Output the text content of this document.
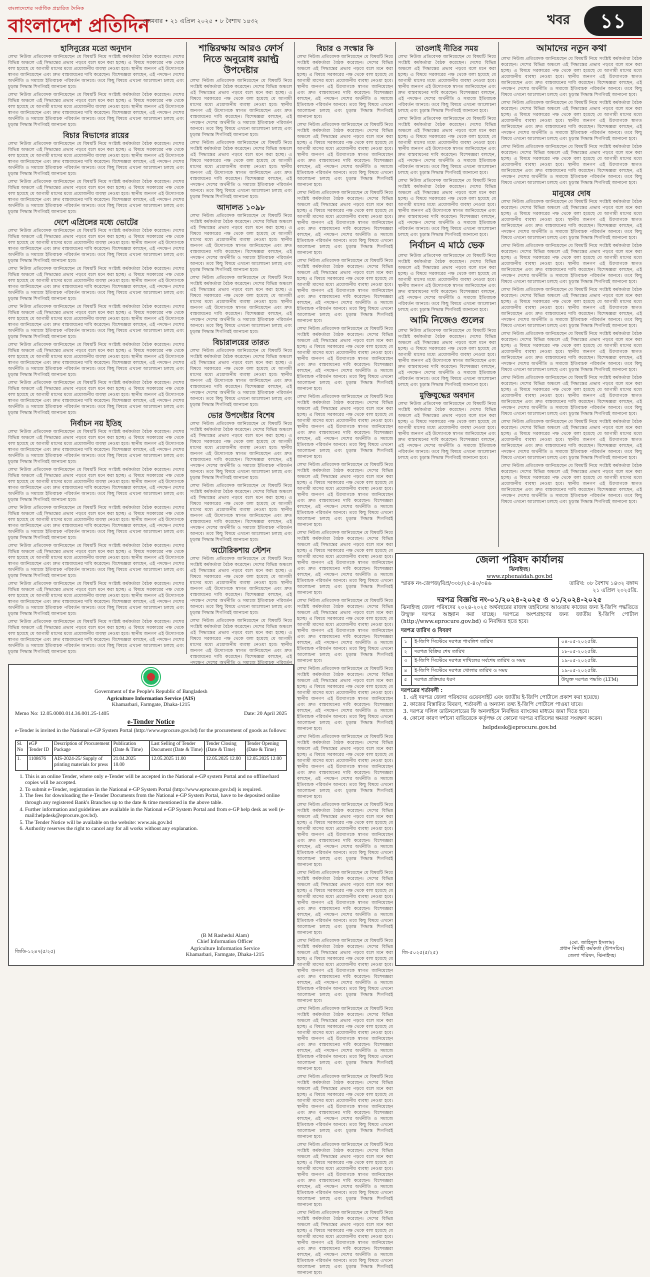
বাংলাদেশের সর্বাধিক প্রচারিত দৈনিক
বাংলাদেশ প্রতিদিন
সোমবার • ২১ এপ্রিল ২০২৫ • ৮ বৈশাখ ১৪৩২	খবর	১১
হাসিনুরের মতো অনুদান

লেখা নিউজ প্রতিবেদক জানিয়েছেন যে বিষয়টি নিয়ে সংশ্লিষ্ট কর্মকর্তারা বৈঠক করেছেন। দেশের বিভিন্ন অঞ্চলে এই সিদ্ধান্তের প্রভাব পড়বে বলে মনে করা হচ্ছে। এ বিষয়ে সরকারের পক্ষ থেকে বলা হয়েছে যে আগামী মাসের মধ্যে প্রয়োজনীয় ব্যবস্থা নেওয়া হবে। স্থানীয় জনগণ এই উদ্যোগকে স্বাগত জানিয়েছেন এবং দ্রুত বাস্তবায়নের দাবি করেছেন। বিশেষজ্ঞরা বলছেন, এই পদক্ষেপ দেশের অর্থনীতি ও সমাজে ইতিবাচক পরিবর্তন আনবে। তবে কিছু বিষয়ে এখনো আলোচনা চলছে এবং চূড়ান্ত সিদ্ধান্ত শিগগিরই জানানো হবে।

লেখা নিউজ প্রতিবেদক জানিয়েছেন যে বিষয়টি নিয়ে সংশ্লিষ্ট কর্মকর্তারা বৈঠক করেছেন। দেশের বিভিন্ন অঞ্চলে এই সিদ্ধান্তের প্রভাব পড়বে বলে মনে করা হচ্ছে। এ বিষয়ে সরকারের পক্ষ থেকে বলা হয়েছে যে আগামী মাসের মধ্যে প্রয়োজনীয় ব্যবস্থা নেওয়া হবে। স্থানীয় জনগণ এই উদ্যোগকে স্বাগত জানিয়েছেন এবং দ্রুত বাস্তবায়নের দাবি করেছেন। বিশেষজ্ঞরা বলছেন, এই পদক্ষেপ দেশের অর্থনীতি ও সমাজে ইতিবাচক পরিবর্তন আনবে। তবে কিছু বিষয়ে এখনো আলোচনা চলছে এবং চূড়ান্ত সিদ্ধান্ত শিগগিরই জানানো হবে।

বিচার বিভাগের রায়ের

লেখা নিউজ প্রতিবেদক জানিয়েছেন যে বিষয়টি নিয়ে সংশ্লিষ্ট কর্মকর্তারা বৈঠক করেছেন। দেশের বিভিন্ন অঞ্চলে এই সিদ্ধান্তের প্রভাব পড়বে বলে মনে করা হচ্ছে। এ বিষয়ে সরকারের পক্ষ থেকে বলা হয়েছে যে আগামী মাসের মধ্যে প্রয়োজনীয় ব্যবস্থা নেওয়া হবে। স্থানীয় জনগণ এই উদ্যোগকে স্বাগত জানিয়েছেন এবং দ্রুত বাস্তবায়নের দাবি করেছেন। বিশেষজ্ঞরা বলছেন, এই পদক্ষেপ দেশের অর্থনীতি ও সমাজে ইতিবাচক পরিবর্তন আনবে। তবে কিছু বিষয়ে এখনো আলোচনা চলছে এবং চূড়ান্ত সিদ্ধান্ত শিগগিরই জানানো হবে।

লেখা নিউজ প্রতিবেদক জানিয়েছেন যে বিষয়টি নিয়ে সংশ্লিষ্ট কর্মকর্তারা বৈঠক করেছেন। দেশের বিভিন্ন অঞ্চলে এই সিদ্ধান্তের প্রভাব পড়বে বলে মনে করা হচ্ছে। এ বিষয়ে সরকারের পক্ষ থেকে বলা হয়েছে যে আগামী মাসের মধ্যে প্রয়োজনীয় ব্যবস্থা নেওয়া হবে। স্থানীয় জনগণ এই উদ্যোগকে স্বাগত জানিয়েছেন এবং দ্রুত বাস্তবায়নের দাবি করেছেন। বিশেষজ্ঞরা বলছেন, এই পদক্ষেপ দেশের অর্থনীতি ও সমাজে ইতিবাচক পরিবর্তন আনবে। তবে কিছু বিষয়ে এখনো আলোচনা চলছে এবং চূড়ান্ত সিদ্ধান্ত শিগগিরই জানানো হবে।

দেশে এপ্রিলের মধ্যে ভোটের

লেখা নিউজ প্রতিবেদক জানিয়েছেন যে বিষয়টি নিয়ে সংশ্লিষ্ট কর্মকর্তারা বৈঠক করেছেন। দেশের বিভিন্ন অঞ্চলে এই সিদ্ধান্তের প্রভাব পড়বে বলে মনে করা হচ্ছে। এ বিষয়ে সরকারের পক্ষ থেকে বলা হয়েছে যে আগামী মাসের মধ্যে প্রয়োজনীয় ব্যবস্থা নেওয়া হবে। স্থানীয় জনগণ এই উদ্যোগকে স্বাগত জানিয়েছেন এবং দ্রুত বাস্তবায়নের দাবি করেছেন। বিশেষজ্ঞরা বলছেন, এই পদক্ষেপ দেশের অর্থনীতি ও সমাজে ইতিবাচক পরিবর্তন আনবে। তবে কিছু বিষয়ে এখনো আলোচনা চলছে এবং চূড়ান্ত সিদ্ধান্ত শিগগিরই জানানো হবে।

লেখা নিউজ প্রতিবেদক জানিয়েছেন যে বিষয়টি নিয়ে সংশ্লিষ্ট কর্মকর্তারা বৈঠক করেছেন। দেশের বিভিন্ন অঞ্চলে এই সিদ্ধান্তের প্রভাব পড়বে বলে মনে করা হচ্ছে। এ বিষয়ে সরকারের পক্ষ থেকে বলা হয়েছে যে আগামী মাসের মধ্যে প্রয়োজনীয় ব্যবস্থা নেওয়া হবে। স্থানীয় জনগণ এই উদ্যোগকে স্বাগত জানিয়েছেন এবং দ্রুত বাস্তবায়নের দাবি করেছেন। বিশেষজ্ঞরা বলছেন, এই পদক্ষেপ দেশের অর্থনীতি ও সমাজে ইতিবাচক পরিবর্তন আনবে। তবে কিছু বিষয়ে এখনো আলোচনা চলছে এবং চূড়ান্ত সিদ্ধান্ত শিগগিরই জানানো হবে।

লেখা নিউজ প্রতিবেদক জানিয়েছেন যে বিষয়টি নিয়ে সংশ্লিষ্ট কর্মকর্তারা বৈঠক করেছেন। দেশের বিভিন্ন অঞ্চলে এই সিদ্ধান্তের প্রভাব পড়বে বলে মনে করা হচ্ছে। এ বিষয়ে সরকারের পক্ষ থেকে বলা হয়েছে যে আগামী মাসের মধ্যে প্রয়োজনীয় ব্যবস্থা নেওয়া হবে। স্থানীয় জনগণ এই উদ্যোগকে স্বাগত জানিয়েছেন এবং দ্রুত বাস্তবায়নের দাবি করেছেন। বিশেষজ্ঞরা বলছেন, এই পদক্ষেপ দেশের অর্থনীতি ও সমাজে ইতিবাচক পরিবর্তন আনবে। তবে কিছু বিষয়ে এখনো আলোচনা চলছে এবং চূড়ান্ত সিদ্ধান্ত শিগগিরই জানানো হবে।

লেখা নিউজ প্রতিবেদক জানিয়েছেন যে বিষয়টি নিয়ে সংশ্লিষ্ট কর্মকর্তারা বৈঠক করেছেন। দেশের বিভিন্ন অঞ্চলে এই সিদ্ধান্তের প্রভাব পড়বে বলে মনে করা হচ্ছে। এ বিষয়ে সরকারের পক্ষ থেকে বলা হয়েছে যে আগামী মাসের মধ্যে প্রয়োজনীয় ব্যবস্থা নেওয়া হবে। স্থানীয় জনগণ এই উদ্যোগকে স্বাগত জানিয়েছেন এবং দ্রুত বাস্তবায়নের দাবি করেছেন। বিশেষজ্ঞরা বলছেন, এই পদক্ষেপ দেশের অর্থনীতি ও সমাজে ইতিবাচক পরিবর্তন আনবে। তবে কিছু বিষয়ে এখনো আলোচনা চলছে এবং চূড়ান্ত সিদ্ধান্ত শিগগিরই জানানো হবে।

লেখা নিউজ প্রতিবেদক জানিয়েছেন যে বিষয়টি নিয়ে সংশ্লিষ্ট কর্মকর্তারা বৈঠক করেছেন। দেশের বিভিন্ন অঞ্চলে এই সিদ্ধান্তের প্রভাব পড়বে বলে মনে করা হচ্ছে। এ বিষয়ে সরকারের পক্ষ থেকে বলা হয়েছে যে আগামী মাসের মধ্যে প্রয়োজনীয় ব্যবস্থা নেওয়া হবে। স্থানীয় জনগণ এই উদ্যোগকে স্বাগত জানিয়েছেন এবং দ্রুত বাস্তবায়নের দাবি করেছেন। বিশেষজ্ঞরা বলছেন, এই পদক্ষেপ দেশের অর্থনীতি ও সমাজে ইতিবাচক পরিবর্তন আনবে। তবে কিছু বিষয়ে এখনো আলোচনা চলছে এবং চূড়ান্ত সিদ্ধান্ত শিগগিরই জানানো হবে।

নির্বাচন নয় ইতিহ

লেখা নিউজ প্রতিবেদক জানিয়েছেন যে বিষয়টি নিয়ে সংশ্লিষ্ট কর্মকর্তারা বৈঠক করেছেন। দেশের বিভিন্ন অঞ্চলে এই সিদ্ধান্তের প্রভাব পড়বে বলে মনে করা হচ্ছে। এ বিষয়ে সরকারের পক্ষ থেকে বলা হয়েছে যে আগামী মাসের মধ্যে প্রয়োজনীয় ব্যবস্থা নেওয়া হবে। স্থানীয় জনগণ এই উদ্যোগকে স্বাগত জানিয়েছেন এবং দ্রুত বাস্তবায়নের দাবি করেছেন। বিশেষজ্ঞরা বলছেন, এই পদক্ষেপ দেশের অর্থনীতি ও সমাজে ইতিবাচক পরিবর্তন আনবে। তবে কিছু বিষয়ে এখনো আলোচনা চলছে এবং চূড়ান্ত সিদ্ধান্ত শিগগিরই জানানো হবে।

লেখা নিউজ প্রতিবেদক জানিয়েছেন যে বিষয়টি নিয়ে সংশ্লিষ্ট কর্মকর্তারা বৈঠক করেছেন। দেশের বিভিন্ন অঞ্চলে এই সিদ্ধান্তের প্রভাব পড়বে বলে মনে করা হচ্ছে। এ বিষয়ে সরকারের পক্ষ থেকে বলা হয়েছে যে আগামী মাসের মধ্যে প্রয়োজনীয় ব্যবস্থা নেওয়া হবে। স্থানীয় জনগণ এই উদ্যোগকে স্বাগত জানিয়েছেন এবং দ্রুত বাস্তবায়নের দাবি করেছেন। বিশেষজ্ঞরা বলছেন, এই পদক্ষেপ দেশের অর্থনীতি ও সমাজে ইতিবাচক পরিবর্তন আনবে। তবে কিছু বিষয়ে এখনো আলোচনা চলছে এবং চূড়ান্ত সিদ্ধান্ত শিগগিরই জানানো হবে।

লেখা নিউজ প্রতিবেদক জানিয়েছেন যে বিষয়টি নিয়ে সংশ্লিষ্ট কর্মকর্তারা বৈঠক করেছেন। দেশের বিভিন্ন অঞ্চলে এই সিদ্ধান্তের প্রভাব পড়বে বলে মনে করা হচ্ছে। এ বিষয়ে সরকারের পক্ষ থেকে বলা হয়েছে যে আগামী মাসের মধ্যে প্রয়োজনীয় ব্যবস্থা নেওয়া হবে। স্থানীয় জনগণ এই উদ্যোগকে স্বাগত জানিয়েছেন এবং দ্রুত বাস্তবায়নের দাবি করেছেন। বিশেষজ্ঞরা বলছেন, এই পদক্ষেপ দেশের অর্থনীতি ও সমাজে ইতিবাচক পরিবর্তন আনবে। তবে কিছু বিষয়ে এখনো আলোচনা চলছে এবং চূড়ান্ত সিদ্ধান্ত শিগগিরই জানানো হবে।

লেখা নিউজ প্রতিবেদক জানিয়েছেন যে বিষয়টি নিয়ে সংশ্লিষ্ট কর্মকর্তারা বৈঠক করেছেন। দেশের বিভিন্ন অঞ্চলে এই সিদ্ধান্তের প্রভাব পড়বে বলে মনে করা হচ্ছে। এ বিষয়ে সরকারের পক্ষ থেকে বলা হয়েছে যে আগামী মাসের মধ্যে প্রয়োজনীয় ব্যবস্থা নেওয়া হবে। স্থানীয় জনগণ এই উদ্যোগকে স্বাগত জানিয়েছেন এবং দ্রুত বাস্তবায়নের দাবি করেছেন। বিশেষজ্ঞরা বলছেন, এই পদক্ষেপ দেশের অর্থনীতি ও সমাজে ইতিবাচক পরিবর্তন আনবে। তবে কিছু বিষয়ে এখনো আলোচনা চলছে এবং চূড়ান্ত সিদ্ধান্ত শিগগিরই জানানো হবে।

লেখা নিউজ প্রতিবেদক জানিয়েছেন যে বিষয়টি নিয়ে সংশ্লিষ্ট কর্মকর্তারা বৈঠক করেছেন। দেশের বিভিন্ন অঞ্চলে এই সিদ্ধান্তের প্রভাব পড়বে বলে মনে করা হচ্ছে। এ বিষয়ে সরকারের পক্ষ থেকে বলা হয়েছে যে আগামী মাসের মধ্যে প্রয়োজনীয় ব্যবস্থা নেওয়া হবে। স্থানীয় জনগণ এই উদ্যোগকে স্বাগত জানিয়েছেন এবং দ্রুত বাস্তবায়নের দাবি করেছেন। বিশেষজ্ঞরা বলছেন, এই পদক্ষেপ দেশের অর্থনীতি ও সমাজে ইতিবাচক পরিবর্তন আনবে। তবে কিছু বিষয়ে এখনো আলোচনা চলছে এবং চূড়ান্ত সিদ্ধান্ত শিগগিরই জানানো হবে।

লেখা নিউজ প্রতিবেদক জানিয়েছেন যে বিষয়টি নিয়ে সংশ্লিষ্ট কর্মকর্তারা বৈঠক করেছেন। দেশের বিভিন্ন অঞ্চলে এই সিদ্ধান্তের প্রভাব পড়বে বলে মনে করা হচ্ছে। এ বিষয়ে সরকারের পক্ষ থেকে বলা হয়েছে যে আগামী মাসের মধ্যে প্রয়োজনীয় ব্যবস্থা নেওয়া হবে। স্থানীয় জনগণ এই উদ্যোগকে স্বাগত জানিয়েছেন এবং দ্রুত বাস্তবায়নের দাবি করেছেন। বিশেষজ্ঞরা বলছেন, এই পদক্ষেপ দেশের অর্থনীতি ও সমাজে ইতিবাচক পরিবর্তন আনবে। তবে কিছু বিষয়ে এখনো আলোচনা চলছে এবং চূড়ান্ত সিদ্ধান্ত শিগগিরই জানানো হবে।

শান্তিরক্ষায় আরও ফোর্স নিতে অনুরোধ রয়াল্ট্র উপদেষ্টার

লেখা নিউজ প্রতিবেদক জানিয়েছেন যে বিষয়টি নিয়ে সংশ্লিষ্ট কর্মকর্তারা বৈঠক করেছেন। দেশের বিভিন্ন অঞ্চলে এই সিদ্ধান্তের প্রভাব পড়বে বলে মনে করা হচ্ছে। এ বিষয়ে সরকারের পক্ষ থেকে বলা হয়েছে যে আগামী মাসের মধ্যে প্রয়োজনীয় ব্যবস্থা নেওয়া হবে। স্থানীয় জনগণ এই উদ্যোগকে স্বাগত জানিয়েছেন এবং দ্রুত বাস্তবায়নের দাবি করেছেন। বিশেষজ্ঞরা বলছেন, এই পদক্ষেপ দেশের অর্থনীতি ও সমাজে ইতিবাচক পরিবর্তন আনবে। তবে কিছু বিষয়ে এখনো আলোচনা চলছে এবং চূড়ান্ত সিদ্ধান্ত শিগগিরই জানানো হবে।

লেখা নিউজ প্রতিবেদক জানিয়েছেন যে বিষয়টি নিয়ে সংশ্লিষ্ট কর্মকর্তারা বৈঠক করেছেন। দেশের বিভিন্ন অঞ্চলে এই সিদ্ধান্তের প্রভাব পড়বে বলে মনে করা হচ্ছে। এ বিষয়ে সরকারের পক্ষ থেকে বলা হয়েছে যে আগামী মাসের মধ্যে প্রয়োজনীয় ব্যবস্থা নেওয়া হবে। স্থানীয় জনগণ এই উদ্যোগকে স্বাগত জানিয়েছেন এবং দ্রুত বাস্তবায়নের দাবি করেছেন। বিশেষজ্ঞরা বলছেন, এই পদক্ষেপ দেশের অর্থনীতি ও সমাজে ইতিবাচক পরিবর্তন আনবে। তবে কিছু বিষয়ে এখনো আলোচনা চলছে এবং চূড়ান্ত সিদ্ধান্ত শিগগিরই জানানো হবে।

আদালত ১০৯৮

লেখা নিউজ প্রতিবেদক জানিয়েছেন যে বিষয়টি নিয়ে সংশ্লিষ্ট কর্মকর্তারা বৈঠক করেছেন। দেশের বিভিন্ন অঞ্চলে এই সিদ্ধান্তের প্রভাব পড়বে বলে মনে করা হচ্ছে। এ বিষয়ে সরকারের পক্ষ থেকে বলা হয়েছে যে আগামী মাসের মধ্যে প্রয়োজনীয় ব্যবস্থা নেওয়া হবে। স্থানীয় জনগণ এই উদ্যোগকে স্বাগত জানিয়েছেন এবং দ্রুত বাস্তবায়নের দাবি করেছেন। বিশেষজ্ঞরা বলছেন, এই পদক্ষেপ দেশের অর্থনীতি ও সমাজে ইতিবাচক পরিবর্তন আনবে। তবে কিছু বিষয়ে এখনো আলোচনা চলছে এবং চূড়ান্ত সিদ্ধান্ত শিগগিরই জানানো হবে।

লেখা নিউজ প্রতিবেদক জানিয়েছেন যে বিষয়টি নিয়ে সংশ্লিষ্ট কর্মকর্তারা বৈঠক করেছেন। দেশের বিভিন্ন অঞ্চলে এই সিদ্ধান্তের প্রভাব পড়বে বলে মনে করা হচ্ছে। এ বিষয়ে সরকারের পক্ষ থেকে বলা হয়েছে যে আগামী মাসের মধ্যে প্রয়োজনীয় ব্যবস্থা নেওয়া হবে। স্থানীয় জনগণ এই উদ্যোগকে স্বাগত জানিয়েছেন এবং দ্রুত বাস্তবায়নের দাবি করেছেন। বিশেষজ্ঞরা বলছেন, এই পদক্ষেপ দেশের অর্থনীতি ও সমাজে ইতিবাচক পরিবর্তন আনবে। তবে কিছু বিষয়ে এখনো আলোচনা চলছে এবং চূড়ান্ত সিদ্ধান্ত শিগগিরই জানানো হবে।

বিচারালয়ের তারত

লেখা নিউজ প্রতিবেদক জানিয়েছেন যে বিষয়টি নিয়ে সংশ্লিষ্ট কর্মকর্তারা বৈঠক করেছেন। দেশের বিভিন্ন অঞ্চলে এই সিদ্ধান্তের প্রভাব পড়বে বলে মনে করা হচ্ছে। এ বিষয়ে সরকারের পক্ষ থেকে বলা হয়েছে যে আগামী মাসের মধ্যে প্রয়োজনীয় ব্যবস্থা নেওয়া হবে। স্থানীয় জনগণ এই উদ্যোগকে স্বাগত জানিয়েছেন এবং দ্রুত বাস্তবায়নের দাবি করেছেন। বিশেষজ্ঞরা বলছেন, এই পদক্ষেপ দেশের অর্থনীতি ও সমাজে ইতিবাচক পরিবর্তন আনবে। তবে কিছু বিষয়ে এখনো আলোচনা চলছে এবং চূড়ান্ত সিদ্ধান্ত শিগগিরই জানানো হবে।

ভোর উপদেষ্টার বিশেষ

লেখা নিউজ প্রতিবেদক জানিয়েছেন যে বিষয়টি নিয়ে সংশ্লিষ্ট কর্মকর্তারা বৈঠক করেছেন। দেশের বিভিন্ন অঞ্চলে এই সিদ্ধান্তের প্রভাব পড়বে বলে মনে করা হচ্ছে। এ বিষয়ে সরকারের পক্ষ থেকে বলা হয়েছে যে আগামী মাসের মধ্যে প্রয়োজনীয় ব্যবস্থা নেওয়া হবে। স্থানীয় জনগণ এই উদ্যোগকে স্বাগত জানিয়েছেন এবং দ্রুত বাস্তবায়নের দাবি করেছেন। বিশেষজ্ঞরা বলছেন, এই পদক্ষেপ দেশের অর্থনীতি ও সমাজে ইতিবাচক পরিবর্তন আনবে। তবে কিছু বিষয়ে এখনো আলোচনা চলছে এবং চূড়ান্ত সিদ্ধান্ত শিগগিরই জানানো হবে।

লেখা নিউজ প্রতিবেদক জানিয়েছেন যে বিষয়টি নিয়ে সংশ্লিষ্ট কর্মকর্তারা বৈঠক করেছেন। দেশের বিভিন্ন অঞ্চলে এই সিদ্ধান্তের প্রভাব পড়বে বলে মনে করা হচ্ছে। এ বিষয়ে সরকারের পক্ষ থেকে বলা হয়েছে যে আগামী মাসের মধ্যে প্রয়োজনীয় ব্যবস্থা নেওয়া হবে। স্থানীয় জনগণ এই উদ্যোগকে স্বাগত জানিয়েছেন এবং দ্রুত বাস্তবায়নের দাবি করেছেন। বিশেষজ্ঞরা বলছেন, এই পদক্ষেপ দেশের অর্থনীতি ও সমাজে ইতিবাচক পরিবর্তন আনবে। তবে কিছু বিষয়ে এখনো আলোচনা চলছে এবং চূড়ান্ত সিদ্ধান্ত শিগগিরই জানানো হবে।

অটোরিকশায় স্টেশন

লেখা নিউজ প্রতিবেদক জানিয়েছেন যে বিষয়টি নিয়ে সংশ্লিষ্ট কর্মকর্তারা বৈঠক করেছেন। দেশের বিভিন্ন অঞ্চলে এই সিদ্ধান্তের প্রভাব পড়বে বলে মনে করা হচ্ছে। এ বিষয়ে সরকারের পক্ষ থেকে বলা হয়েছে যে আগামী মাসের মধ্যে প্রয়োজনীয় ব্যবস্থা নেওয়া হবে। স্থানীয় জনগণ এই উদ্যোগকে স্বাগত জানিয়েছেন এবং দ্রুত বাস্তবায়নের দাবি করেছেন। বিশেষজ্ঞরা বলছেন, এই পদক্ষেপ দেশের অর্থনীতি ও সমাজে ইতিবাচক পরিবর্তন আনবে। তবে কিছু বিষয়ে এখনো আলোচনা চলছে এবং চূড়ান্ত সিদ্ধান্ত শিগগিরই জানানো হবে।

লেখা নিউজ প্রতিবেদক জানিয়েছেন যে বিষয়টি নিয়ে সংশ্লিষ্ট কর্মকর্তারা বৈঠক করেছেন। দেশের বিভিন্ন অঞ্চলে এই সিদ্ধান্তের প্রভাব পড়বে বলে মনে করা হচ্ছে। এ বিষয়ে সরকারের পক্ষ থেকে বলা হয়েছে যে আগামী মাসের মধ্যে প্রয়োজনীয় ব্যবস্থা নেওয়া হবে। স্থানীয় জনগণ এই উদ্যোগকে স্বাগত জানিয়েছেন এবং দ্রুত বাস্তবায়নের দাবি করেছেন। বিশেষজ্ঞরা বলছেন, এই

বিচার ও সংস্কার কি

লেখা নিউজ প্রতিবেদক জানিয়েছেন যে বিষয়টি নিয়ে সংশ্লিষ্ট কর্মকর্তারা বৈঠক করেছেন। দেশের বিভিন্ন অঞ্চলে এই সিদ্ধান্তের প্রভাব পড়বে বলে মনে করা হচ্ছে। এ বিষয়ে সরকারের পক্ষ থেকে বলা হয়েছে যে আগামী মাসের মধ্যে প্রয়োজনীয় ব্যবস্থা নেওয়া হবে। স্থানীয় জনগণ এই উদ্যোগকে স্বাগত জানিয়েছেন এবং দ্রুত বাস্তবায়নের দাবি করেছেন। বিশেষজ্ঞরা বলছেন, এই পদক্ষেপ দেশের অর্থনীতি ও সমাজে ইতিবাচক পরিবর্তন আনবে। তবে কিছু বিষয়ে এখনো আলোচনা চলছে এবং চূড়ান্ত সিদ্ধান্ত শিগগিরই জানানো হবে।

লেখা নিউজ প্রতিবেদক জানিয়েছেন যে বিষয়টি নিয়ে সংশ্লিষ্ট কর্মকর্তারা বৈঠক করেছেন। দেশের বিভিন্ন অঞ্চলে এই সিদ্ধান্তের প্রভাব পড়বে বলে মনে করা হচ্ছে। এ বিষয়ে সরকারের পক্ষ থেকে বলা হয়েছে যে আগামী মাসের মধ্যে প্রয়োজনীয় ব্যবস্থা নেওয়া হবে। স্থানীয় জনগণ এই উদ্যোগকে স্বাগত জানিয়েছেন এবং দ্রুত বাস্তবায়নের দাবি করেছেন। বিশেষজ্ঞরা বলছেন, এই পদক্ষেপ দেশের অর্থনীতি ও সমাজে ইতিবাচক পরিবর্তন আনবে। তবে কিছু বিষয়ে এখনো আলোচনা চলছে এবং চূড়ান্ত সিদ্ধান্ত শিগগিরই জানানো হবে।

লেখা নিউজ প্রতিবেদক জানিয়েছেন যে বিষয়টি নিয়ে সংশ্লিষ্ট কর্মকর্তারা বৈঠক করেছেন। দেশের বিভিন্ন অঞ্চলে এই সিদ্ধান্তের প্রভাব পড়বে বলে মনে করা হচ্ছে। এ বিষয়ে সরকারের পক্ষ থেকে বলা হয়েছে যে আগামী মাসের মধ্যে প্রয়োজনীয় ব্যবস্থা নেওয়া হবে। স্থানীয় জনগণ এই উদ্যোগকে স্বাগত জানিয়েছেন এবং দ্রুত বাস্তবায়নের দাবি করেছেন। বিশেষজ্ঞরা বলছেন, এই পদক্ষেপ দেশের অর্থনীতি ও সমাজে ইতিবাচক পরিবর্তন আনবে। তবে কিছু বিষয়ে এখনো আলোচনা চলছে এবং চূড়ান্ত সিদ্ধান্ত শিগগিরই জানানো হবে।

লেখা নিউজ প্রতিবেদক জানিয়েছেন যে বিষয়টি নিয়ে সংশ্লিষ্ট কর্মকর্তারা বৈঠক করেছেন। দেশের বিভিন্ন অঞ্চলে এই সিদ্ধান্তের প্রভাব পড়বে বলে মনে করা হচ্ছে। এ বিষয়ে সরকারের পক্ষ থেকে বলা হয়েছে যে আগামী মাসের মধ্যে প্রয়োজনীয় ব্যবস্থা নেওয়া হবে। স্থানীয় জনগণ এই উদ্যোগকে স্বাগত জানিয়েছেন এবং দ্রুত বাস্তবায়নের দাবি করেছেন। বিশেষজ্ঞরা বলছেন, এই পদক্ষেপ দেশের অর্থনীতি ও সমাজে ইতিবাচক পরিবর্তন আনবে। তবে কিছু বিষয়ে এখনো আলোচনা চলছে এবং চূড়ান্ত সিদ্ধান্ত শিগগিরই জানানো হবে।

লেখা নিউজ প্রতিবেদক জানিয়েছেন যে বিষয়টি নিয়ে সংশ্লিষ্ট কর্মকর্তারা বৈঠক করেছেন। দেশের বিভিন্ন অঞ্চলে এই সিদ্ধান্তের প্রভাব পড়বে বলে মনে করা হচ্ছে। এ বিষয়ে সরকারের পক্ষ থেকে বলা হয়েছে যে আগামী মাসের মধ্যে প্রয়োজনীয় ব্যবস্থা নেওয়া হবে। স্থানীয় জনগণ এই উদ্যোগকে স্বাগত জানিয়েছেন এবং দ্রুত বাস্তবায়নের দাবি করেছেন। বিশেষজ্ঞরা বলছেন, এই পদক্ষেপ দেশের অর্থনীতি ও সমাজে ইতিবাচক পরিবর্তন আনবে। তবে কিছু বিষয়ে এখনো আলোচনা চলছে এবং চূড়ান্ত সিদ্ধান্ত শিগগিরই জানানো হবে।

লেখা নিউজ প্রতিবেদক জানিয়েছেন যে বিষয়টি নিয়ে সংশ্লিষ্ট কর্মকর্তারা বৈঠক করেছেন। দেশের বিভিন্ন অঞ্চলে এই সিদ্ধান্তের প্রভাব পড়বে বলে মনে করা হচ্ছে। এ বিষয়ে সরকারের পক্ষ থেকে বলা হয়েছে যে আগামী মাসের মধ্যে প্রয়োজনীয় ব্যবস্থা নেওয়া হবে। স্থানীয় জনগণ এই উদ্যোগকে স্বাগত জানিয়েছেন এবং দ্রুত বাস্তবায়নের দাবি করেছেন। বিশেষজ্ঞরা বলছেন, এই পদক্ষেপ দেশের অর্থনীতি ও সমাজে ইতিবাচক পরিবর্তন আনবে। তবে কিছু বিষয়ে এখনো আলোচনা চলছে এবং চূড়ান্ত সিদ্ধান্ত শিগগিরই জানানো হবে।

লেখা নিউজ প্রতিবেদক জানিয়েছেন যে বিষয়টি নিয়ে সংশ্লিষ্ট কর্মকর্তারা বৈঠক করেছেন। দেশের বিভিন্ন অঞ্চলে এই সিদ্ধান্তের প্রভাব পড়বে বলে মনে করা হচ্ছে। এ বিষয়ে সরকারের পক্ষ থেকে বলা হয়েছে যে আগামী মাসের মধ্যে প্রয়োজনীয় ব্যবস্থা নেওয়া হবে। স্থানীয় জনগণ এই উদ্যোগকে স্বাগত জানিয়েছেন এবং দ্রুত বাস্তবায়নের দাবি করেছেন। বিশেষজ্ঞরা বলছেন, এই পদক্ষেপ দেশের অর্থনীতি ও সমাজে ইতিবাচক পরিবর্তন আনবে। তবে কিছু বিষয়ে এখনো আলোচনা চলছে এবং চূড়ান্ত সিদ্ধান্ত শিগগিরই জানানো হবে।

লেখা নিউজ প্রতিবেদক জানিয়েছেন যে বিষয়টি নিয়ে সংশ্লিষ্ট কর্মকর্তারা বৈঠক করেছেন। দেশের বিভিন্ন অঞ্চলে এই সিদ্ধান্তের প্রভাব পড়বে বলে মনে করা হচ্ছে। এ বিষয়ে সরকারের পক্ষ থেকে বলা হয়েছে যে আগামী মাসের মধ্যে প্রয়োজনীয় ব্যবস্থা নেওয়া হবে। স্থানীয় জনগণ এই উদ্যোগকে স্বাগত জানিয়েছেন এবং দ্রুত বাস্তবায়নের দাবি করেছেন। বিশেষজ্ঞরা বলছেন, এই পদক্ষেপ দেশের অর্থনীতি ও সমাজে ইতিবাচক পরিবর্তন আনবে। তবে কিছু বিষয়ে এখনো আলোচনা চলছে এবং চূড়ান্ত সিদ্ধান্ত শিগগিরই জানানো হবে।

লেখা নিউজ প্রতিবেদক জানিয়েছেন যে বিষয়টি নিয়ে সংশ্লিষ্ট কর্মকর্তারা বৈঠক করেছেন। দেশের বিভিন্ন অঞ্চলে এই সিদ্ধান্তের প্রভাব পড়বে বলে মনে করা হচ্ছে। এ বিষয়ে সরকারের পক্ষ থেকে বলা হয়েছে যে আগামী মাসের মধ্যে প্রয়োজনীয় ব্যবস্থা নেওয়া হবে। স্থানীয় জনগণ এই উদ্যোগকে স্বাগত জানিয়েছেন এবং দ্রুত বাস্তবায়নের দাবি করেছেন। বিশেষজ্ঞরা বলছেন, এই পদক্ষেপ দেশের অর্থনীতি ও সমাজে ইতিবাচক পরিবর্তন আনবে। তবে কিছু বিষয়ে এখনো আলোচনা চলছে এবং চূড়ান্ত সিদ্ধান্ত শিগগিরই জানানো হবে।

লেখা নিউজ প্রতিবেদক জানিয়েছেন যে বিষয়টি নিয়ে সংশ্লিষ্ট কর্মকর্তারা বৈঠক করেছেন। দেশের বিভিন্ন অঞ্চলে এই সিদ্ধান্তের প্রভাব পড়বে বলে মনে করা হচ্ছে। এ বিষয়ে সরকারের পক্ষ থেকে বলা হয়েছে যে আগামী মাসের মধ্যে প্রয়োজনীয় ব্যবস্থা নেওয়া হবে। স্থানীয় জনগণ এই উদ্যোগকে স্বাগত জানিয়েছেন এবং দ্রুত বাস্তবায়নের দাবি করেছেন। বিশেষজ্ঞরা বলছেন, এই পদক্ষেপ দেশের অর্থনীতি ও সমাজে ইতিবাচক পরিবর্তন আনবে। তবে কিছু বিষয়ে এখনো আলোচনা চলছে এবং চূড়ান্ত সিদ্ধান্ত শিগগিরই জানানো হবে।

লেখা নিউজ প্রতিবেদক জানিয়েছেন যে বিষয়টি নিয়ে সংশ্লিষ্ট কর্মকর্তারা বৈঠক করেছেন। দেশের বিভিন্ন অঞ্চলে এই সিদ্ধান্তের প্রভাব পড়বে বলে মনে করা হচ্ছে। এ বিষয়ে সরকারের পক্ষ থেকে বলা হয়েছে যে আগামী মাসের মধ্যে প্রয়োজনীয় ব্যবস্থা নেওয়া হবে। স্থানীয় জনগণ এই উদ্যোগকে স্বাগত জানিয়েছেন এবং দ্রুত বাস্তবায়নের দাবি করেছেন। বিশেষজ্ঞরা বলছেন, এই পদক্ষেপ দেশের অর্থনীতি ও সমাজে ইতিবাচক পরিবর্তন আনবে। তবে কিছু বিষয়ে এখনো আলোচনা চলছে এবং চূড়ান্ত সিদ্ধান্ত শিগগিরই জানানো হবে।

লেখা নিউজ প্রতিবেদক জানিয়েছেন যে বিষয়টি নিয়ে সংশ্লিষ্ট কর্মকর্তারা বৈঠক করেছেন। দেশের বিভিন্ন অঞ্চলে এই সিদ্ধান্তের প্রভাব পড়বে বলে মনে করা হচ্ছে। এ বিষয়ে সরকারের পক্ষ থেকে বলা হয়েছে যে আগামী মাসের মধ্যে প্রয়োজনীয় ব্যবস্থা নেওয়া হবে। স্থানীয় জনগণ এই উদ্যোগকে স্বাগত জানিয়েছেন এবং দ্রুত বাস্তবায়নের দাবি করেছেন। বিশেষজ্ঞরা বলছেন, এই পদক্ষেপ দেশের অর্থনীতি ও সমাজে ইতিবাচক পরিবর্তন আনবে। তবে কিছু বিষয়ে এখনো আলোচনা চলছে এবং চূড়ান্ত সিদ্ধান্ত শিগগিরই জানানো হবে।

লেখা নিউজ প্রতিবেদক জানিয়েছেন যে বিষয়টি নিয়ে সংশ্লিষ্ট কর্মকর্তারা বৈঠক করেছেন। দেশের বিভিন্ন অঞ্চলে এই সিদ্ধান্তের প্রভাব পড়বে বলে মনে করা হচ্ছে। এ বিষয়ে সরকারের পক্ষ থেকে বলা হয়েছে যে আগামী মাসের মধ্যে প্রয়োজনীয় ব্যবস্থা নেওয়া হবে। স্থানীয় জনগণ এই উদ্যোগকে স্বাগত জানিয়েছেন এবং দ্রুত বাস্তবায়নের দাবি করেছেন। বিশেষজ্ঞরা বলছেন, এই পদক্ষেপ দেশের অর্থনীতি ও সমাজে ইতিবাচক পরিবর্তন আনবে। তবে কিছু বিষয়ে এখনো আলোচনা চলছে এবং চূড়ান্ত সিদ্ধান্ত শিগগিরই জানানো হবে।

লেখা নিউজ প্রতিবেদক জানিয়েছেন যে বিষয়টি নিয়ে সংশ্লিষ্ট কর্মকর্তারা বৈঠক করেছেন। দেশের বিভিন্ন অঞ্চলে এই সিদ্ধান্তের প্রভাব পড়বে বলে মনে করা হচ্ছে। এ বিষয়ে সরকারের পক্ষ থেকে বলা হয়েছে যে আগামী মাসের মধ্যে প্রয়োজনীয় ব্যবস্থা নেওয়া হবে। স্থানীয় জনগণ এই উদ্যোগকে স্বাগত জানিয়েছেন এবং দ্রুত বাস্তবায়নের দাবি করেছেন। বিশেষজ্ঞরা বলছেন, এই পদক্ষেপ দেশের অর্থনীতি ও সমাজে ইতিবাচক পরিবর্তন আনবে। তবে কিছু বিষয়ে এখনো আলোচনা চলছে এবং চূড়ান্ত সিদ্ধান্ত শিগগিরই জানানো হবে।

লেখা নিউজ প্রতিবেদক জানিয়েছেন যে বিষয়টি নিয়ে সংশ্লিষ্ট কর্মকর্তারা বৈঠক করেছেন। দেশের বিভিন্ন অঞ্চলে এই সিদ্ধান্তের প্রভাব পড়বে বলে মনে করা হচ্ছে। এ বিষয়ে সরকারের পক্ষ থেকে বলা হয়েছে যে আগামী মাসের মধ্যে প্রয়োজনীয় ব্যবস্থা নেওয়া হবে। স্থানীয় জনগণ এই উদ্যোগকে স্বাগত জানিয়েছেন এবং দ্রুত বাস্তবায়নের দাবি করেছেন। বিশেষজ্ঞরা বলছেন, এই পদক্ষেপ দেশের অর্থনীতি ও সমাজে ইতিবাচক পরিবর্তন আনবে। তবে কিছু বিষয়ে এখনো আলোচনা চলছে এবং চূড়ান্ত সিদ্ধান্ত শিগগিরই জানানো হবে।

লেখা নিউজ প্রতিবেদক জানিয়েছেন যে বিষয়টি নিয়ে সংশ্লিষ্ট কর্মকর্তারা বৈঠক করেছেন। দেশের বিভিন্ন অঞ্চলে এই সিদ্ধান্তের প্রভাব পড়বে বলে মনে করা হচ্ছে। এ বিষয়ে সরকারের পক্ষ থেকে বলা হয়েছে যে আগামী মাসের মধ্যে প্রয়োজনীয় ব্যবস্থা নেওয়া হবে। স্থানীয় জনগণ এই উদ্যোগকে স্বাগত জানিয়েছেন এবং দ্রুত বাস্তবায়নের দাবি করেছেন। বিশেষজ্ঞরা বলছেন, এই পদক্ষেপ দেশের অর্থনীতি ও সমাজে ইতিবাচক পরিবর্তন আনবে। তবে কিছু বিষয়ে এখনো আলোচনা চলছে এবং চূড়ান্ত সিদ্ধান্ত শিগগিরই জানানো হবে।

লেখা নিউজ প্রতিবেদক জানিয়েছেন যে বিষয়টি নিয়ে সংশ্লিষ্ট কর্মকর্তারা বৈঠক করেছেন। দেশের বিভিন্ন অঞ্চলে এই সিদ্ধান্তের প্রভাব পড়বে বলে মনে করা হচ্ছে। এ বিষয়ে সরকারের পক্ষ থেকে বলা হয়েছে যে আগামী মাসের মধ্যে প্রয়োজনীয় ব্যবস্থা নেওয়া হবে। স্থানীয় জনগণ এই উদ্যোগকে স্বাগত জানিয়েছেন এবং দ্রুত বাস্তবায়নের দাবি করেছেন। বিশেষজ্ঞরা বলছেন, এই পদক্ষেপ দেশের অর্থনীতি ও সমাজে ইতিবাচক পরিবর্তন আনবে। তবে কিছু বিষয়ে এখনো আলোচনা চলছে এবং চূড়ান্ত সিদ্ধান্ত শিগগিরই জানানো হবে।

লেখা নিউজ প্রতিবেদক জানিয়েছেন যে বিষয়টি নিয়ে সংশ্লিষ্ট কর্মকর্তারা বৈঠক করেছেন। দেশের বিভিন্ন অঞ্চলে এই সিদ্ধান্তের প্রভাব পড়বে বলে মনে করা হচ্ছে। এ বিষয়ে সরকারের পক্ষ থেকে বলা হয়েছে যে আগামী মাসের মধ্যে প্রয়োজনীয় ব্যবস্থা নেওয়া হবে। স্থানীয় জনগণ এই উদ্যোগকে স্বাগত জানিয়েছেন এবং দ্রুত বাস্তবায়নের দাবি করেছেন। বিশেষজ্ঞরা বলছেন, এই পদক্ষেপ দেশের অর্থনীতি ও সমাজে ইতিবাচক পরিবর্তন আনবে। তবে কিছু বিষয়ে এখনো আলোচনা চলছে এবং চূড়ান্ত সিদ্ধান্ত শিগগিরই জানানো হবে।

তাওলাই নীতির সময়

লেখা নিউজ প্রতিবেদক জানিয়েছেন যে বিষয়টি নিয়ে সংশ্লিষ্ট কর্মকর্তারা বৈঠক করেছেন। দেশের বিভিন্ন অঞ্চলে এই সিদ্ধান্তের প্রভাব পড়বে বলে মনে করা হচ্ছে। এ বিষয়ে সরকারের পক্ষ থেকে বলা হয়েছে যে আগামী মাসের মধ্যে প্রয়োজনীয় ব্যবস্থা নেওয়া হবে। স্থানীয় জনগণ এই উদ্যোগকে স্বাগত জানিয়েছেন এবং দ্রুত বাস্তবায়নের দাবি করেছেন। বিশেষজ্ঞরা বলছেন, এই পদক্ষেপ দেশের অর্থনীতি ও সমাজে ইতিবাচক পরিবর্তন আনবে। তবে কিছু বিষয়ে এখনো আলোচনা চলছে এবং চূড়ান্ত সিদ্ধান্ত শিগগিরই জানানো হবে।

লেখা নিউজ প্রতিবেদক জানিয়েছেন যে বিষয়টি নিয়ে সংশ্লিষ্ট কর্মকর্তারা বৈঠক করেছেন। দেশের বিভিন্ন অঞ্চলে এই সিদ্ধান্তের প্রভাব পড়বে বলে মনে করা হচ্ছে। এ বিষয়ে সরকারের পক্ষ থেকে বলা হয়েছে যে আগামী মাসের মধ্যে প্রয়োজনীয় ব্যবস্থা নেওয়া হবে। স্থানীয় জনগণ এই উদ্যোগকে স্বাগত জানিয়েছেন এবং দ্রুত বাস্তবায়নের দাবি করেছেন। বিশেষজ্ঞরা বলছেন, এই পদক্ষেপ দেশের অর্থনীতি ও সমাজে ইতিবাচক পরিবর্তন আনবে। তবে কিছু বিষয়ে এখনো আলোচনা চলছে এবং চূড়ান্ত সিদ্ধান্ত শিগগিরই জানানো হবে।

লেখা নিউজ প্রতিবেদক জানিয়েছেন যে বিষয়টি নিয়ে সংশ্লিষ্ট কর্মকর্তারা বৈঠক করেছেন। দেশের বিভিন্ন অঞ্চলে এই সিদ্ধান্তের প্রভাব পড়বে বলে মনে করা হচ্ছে। এ বিষয়ে সরকারের পক্ষ থেকে বলা হয়েছে যে আগামী মাসের মধ্যে প্রয়োজনীয় ব্যবস্থা নেওয়া হবে। স্থানীয় জনগণ এই উদ্যোগকে স্বাগত জানিয়েছেন এবং দ্রুত বাস্তবায়নের দাবি করেছেন। বিশেষজ্ঞরা বলছেন, এই পদক্ষেপ দেশের অর্থনীতি ও সমাজে ইতিবাচক পরিবর্তন আনবে। তবে কিছু বিষয়ে এখনো আলোচনা চলছে এবং চূড়ান্ত সিদ্ধান্ত শিগগিরই জানানো হবে।

নির্বাচন এ মাঠে ভেক

লেখা নিউজ প্রতিবেদক জানিয়েছেন যে বিষয়টি নিয়ে সংশ্লিষ্ট কর্মকর্তারা বৈঠক করেছেন। দেশের বিভিন্ন অঞ্চলে এই সিদ্ধান্তের প্রভাব পড়বে বলে মনে করা হচ্ছে। এ বিষয়ে সরকারের পক্ষ থেকে বলা হয়েছে যে আগামী মাসের মধ্যে প্রয়োজনীয় ব্যবস্থা নেওয়া হবে। স্থানীয় জনগণ এই উদ্যোগকে স্বাগত জানিয়েছেন এবং দ্রুত বাস্তবায়নের দাবি করেছেন। বিশেষজ্ঞরা বলছেন, এই পদক্ষেপ দেশের অর্থনীতি ও সমাজে ইতিবাচক পরিবর্তন আনবে। তবে কিছু বিষয়ে এখনো আলোচনা চলছে এবং চূড়ান্ত সিদ্ধান্ত শিগগিরই জানানো হবে।

আমি নিজেও গুলের

লেখা নিউজ প্রতিবেদক জানিয়েছেন যে বিষয়টি নিয়ে সংশ্লিষ্ট কর্মকর্তারা বৈঠক করেছেন। দেশের বিভিন্ন অঞ্চলে এই সিদ্ধান্তের প্রভাব পড়বে বলে মনে করা হচ্ছে। এ বিষয়ে সরকারের পক্ষ থেকে বলা হয়েছে যে আগামী মাসের মধ্যে প্রয়োজনীয় ব্যবস্থা নেওয়া হবে। স্থানীয় জনগণ এই উদ্যোগকে স্বাগত জানিয়েছেন এবং দ্রুত বাস্তবায়নের দাবি করেছেন। বিশেষজ্ঞরা বলছেন, এই পদক্ষেপ দেশের অর্থনীতি ও সমাজে ইতিবাচক পরিবর্তন আনবে। তবে কিছু বিষয়ে এখনো আলোচনা চলছে এবং চূড়ান্ত সিদ্ধান্ত শিগগিরই জানানো হবে।

মুক্তিযুদ্ধের অবদান

লেখা নিউজ প্রতিবেদক জানিয়েছেন যে বিষয়টি নিয়ে সংশ্লিষ্ট কর্মকর্তারা বৈঠক করেছেন। দেশের বিভিন্ন অঞ্চলে এই সিদ্ধান্তের প্রভাব পড়বে বলে মনে করা হচ্ছে। এ বিষয়ে সরকারের পক্ষ থেকে বলা হয়েছে যে আগামী মাসের মধ্যে প্রয়োজনীয় ব্যবস্থা নেওয়া হবে। স্থানীয় জনগণ এই উদ্যোগকে স্বাগত জানিয়েছেন এবং দ্রুত বাস্তবায়নের দাবি করেছেন। বিশেষজ্ঞরা বলছেন, এই পদক্ষেপ দেশের অর্থনীতি ও সমাজে ইতিবাচক পরিবর্তন আনবে। তবে কিছু বিষয়ে এখনো আলোচনা চলছে এবং চূড়ান্ত সিদ্ধান্ত শিগগিরই জানানো হবে।

আমাদের নতুন কথা

লেখা নিউজ প্রতিবেদক জানিয়েছেন যে বিষয়টি নিয়ে সংশ্লিষ্ট কর্মকর্তারা বৈঠক করেছেন। দেশের বিভিন্ন অঞ্চলে এই সিদ্ধান্তের প্রভাব পড়বে বলে মনে করা হচ্ছে। এ বিষয়ে সরকারের পক্ষ থেকে বলা হয়েছে যে আগামী মাসের মধ্যে প্রয়োজনীয় ব্যবস্থা নেওয়া হবে। স্থানীয় জনগণ এই উদ্যোগকে স্বাগত জানিয়েছেন এবং দ্রুত বাস্তবায়নের দাবি করেছেন। বিশেষজ্ঞরা বলছেন, এই পদক্ষেপ দেশের অর্থনীতি ও সমাজে ইতিবাচক পরিবর্তন আনবে। তবে কিছু বিষয়ে এখনো আলোচনা চলছে এবং চূড়ান্ত সিদ্ধান্ত শিগগিরই জানানো হবে।

লেখা নিউজ প্রতিবেদক জানিয়েছেন যে বিষয়টি নিয়ে সংশ্লিষ্ট কর্মকর্তারা বৈঠক করেছেন। দেশের বিভিন্ন অঞ্চলে এই সিদ্ধান্তের প্রভাব পড়বে বলে মনে করা হচ্ছে। এ বিষয়ে সরকারের পক্ষ থেকে বলা হয়েছে যে আগামী মাসের মধ্যে প্রয়োজনীয় ব্যবস্থা নেওয়া হবে। স্থানীয় জনগণ এই উদ্যোগকে স্বাগত জানিয়েছেন এবং দ্রুত বাস্তবায়নের দাবি করেছেন। বিশেষজ্ঞরা বলছেন, এই পদক্ষেপ দেশের অর্থনীতি ও সমাজে ইতিবাচক পরিবর্তন আনবে। তবে কিছু বিষয়ে এখনো আলোচনা চলছে এবং চূড়ান্ত সিদ্ধান্ত শিগগিরই জানানো হবে।

লেখা নিউজ প্রতিবেদক জানিয়েছেন যে বিষয়টি নিয়ে সংশ্লিষ্ট কর্মকর্তারা বৈঠক করেছেন। দেশের বিভিন্ন অঞ্চলে এই সিদ্ধান্তের প্রভাব পড়বে বলে মনে করা হচ্ছে। এ বিষয়ে সরকারের পক্ষ থেকে বলা হয়েছে যে আগামী মাসের মধ্যে প্রয়োজনীয় ব্যবস্থা নেওয়া হবে। স্থানীয় জনগণ এই উদ্যোগকে স্বাগত জানিয়েছেন এবং দ্রুত বাস্তবায়নের দাবি করেছেন। বিশেষজ্ঞরা বলছেন, এই পদক্ষেপ দেশের অর্থনীতি ও সমাজে ইতিবাচক পরিবর্তন আনবে। তবে কিছু বিষয়ে এখনো আলোচনা চলছে এবং চূড়ান্ত সিদ্ধান্ত শিগগিরই জানানো হবে।

মানুষের দোষ

লেখা নিউজ প্রতিবেদক জানিয়েছেন যে বিষয়টি নিয়ে সংশ্লিষ্ট কর্মকর্তারা বৈঠক করেছেন। দেশের বিভিন্ন অঞ্চলে এই সিদ্ধান্তের প্রভাব পড়বে বলে মনে করা হচ্ছে। এ বিষয়ে সরকারের পক্ষ থেকে বলা হয়েছে যে আগামী মাসের মধ্যে প্রয়োজনীয় ব্যবস্থা নেওয়া হবে। স্থানীয় জনগণ এই উদ্যোগকে স্বাগত জানিয়েছেন এবং দ্রুত বাস্তবায়নের দাবি করেছেন। বিশেষজ্ঞরা বলছেন, এই পদক্ষেপ দেশের অর্থনীতি ও সমাজে ইতিবাচক পরিবর্তন আনবে। তবে কিছু বিষয়ে এখনো আলোচনা চলছে এবং চূড়ান্ত সিদ্ধান্ত শিগগিরই জানানো হবে।

লেখা নিউজ প্রতিবেদক জানিয়েছেন যে বিষয়টি নিয়ে সংশ্লিষ্ট কর্মকর্তারা বৈঠক করেছেন। দেশের বিভিন্ন অঞ্চলে এই সিদ্ধান্তের প্রভাব পড়বে বলে মনে করা হচ্ছে। এ বিষয়ে সরকারের পক্ষ থেকে বলা হয়েছে যে আগামী মাসের মধ্যে প্রয়োজনীয় ব্যবস্থা নেওয়া হবে। স্থানীয় জনগণ এই উদ্যোগকে স্বাগত জানিয়েছেন এবং দ্রুত বাস্তবায়নের দাবি করেছেন। বিশেষজ্ঞরা বলছেন, এই পদক্ষেপ দেশের অর্থনীতি ও সমাজে ইতিবাচক পরিবর্তন আনবে। তবে কিছু বিষয়ে এখনো আলোচনা চলছে এবং চূড়ান্ত সিদ্ধান্ত শিগগিরই জানানো হবে।

লেখা নিউজ প্রতিবেদক জানিয়েছেন যে বিষয়টি নিয়ে সংশ্লিষ্ট কর্মকর্তারা বৈঠক করেছেন। দেশের বিভিন্ন অঞ্চলে এই সিদ্ধান্তের প্রভাব পড়বে বলে মনে করা হচ্ছে। এ বিষয়ে সরকারের পক্ষ থেকে বলা হয়েছে যে আগামী মাসের মধ্যে প্রয়োজনীয় ব্যবস্থা নেওয়া হবে। স্থানীয় জনগণ এই উদ্যোগকে স্বাগত জানিয়েছেন এবং দ্রুত বাস্তবায়নের দাবি করেছেন। বিশেষজ্ঞরা বলছেন, এই পদক্ষেপ দেশের অর্থনীতি ও সমাজে ইতিবাচক পরিবর্তন আনবে। তবে কিছু বিষয়ে এখনো আলোচনা চলছে এবং চূড়ান্ত সিদ্ধান্ত শিগগিরই জানানো হবে।

লেখা নিউজ প্রতিবেদক জানিয়েছেন যে বিষয়টি নিয়ে সংশ্লিষ্ট কর্মকর্তারা বৈঠক করেছেন। দেশের বিভিন্ন অঞ্চলে এই সিদ্ধান্তের প্রভাব পড়বে বলে মনে করা হচ্ছে। এ বিষয়ে সরকারের পক্ষ থেকে বলা হয়েছে যে আগামী মাসের মধ্যে প্রয়োজনীয় ব্যবস্থা নেওয়া হবে। স্থানীয় জনগণ এই উদ্যোগকে স্বাগত জানিয়েছেন এবং দ্রুত বাস্তবায়নের দাবি করেছেন। বিশেষজ্ঞরা বলছেন, এই পদক্ষেপ দেশের অর্থনীতি ও সমাজে ইতিবাচক পরিবর্তন আনবে। তবে কিছু বিষয়ে এখনো আলোচনা চলছে এবং চূড়ান্ত সিদ্ধান্ত শিগগিরই জানানো হবে।

লেখা নিউজ প্রতিবেদক জানিয়েছেন যে বিষয়টি নিয়ে সংশ্লিষ্ট কর্মকর্তারা বৈঠক করেছেন। দেশের বিভিন্ন অঞ্চলে এই সিদ্ধান্তের প্রভাব পড়বে বলে মনে করা হচ্ছে। এ বিষয়ে সরকারের পক্ষ থেকে বলা হয়েছে যে আগামী মাসের মধ্যে প্রয়োজনীয় ব্যবস্থা নেওয়া হবে। স্থানীয় জনগণ এই উদ্যোগকে স্বাগত জানিয়েছেন এবং দ্রুত বাস্তবায়নের দাবি করেছেন। বিশেষজ্ঞরা বলছেন, এই পদক্ষেপ দেশের অর্থনীতি ও সমাজে ইতিবাচক পরিবর্তন আনবে। তবে কিছু বিষয়ে এখনো আলোচনা চলছে এবং চূড়ান্ত সিদ্ধান্ত শিগগিরই জানানো হবে।

লেখা নিউজ প্রতিবেদক জানিয়েছেন যে বিষয়টি নিয়ে সংশ্লিষ্ট কর্মকর্তারা বৈঠক করেছেন। দেশের বিভিন্ন অঞ্চলে এই সিদ্ধান্তের প্রভাব পড়বে বলে মনে করা হচ্ছে। এ বিষয়ে সরকারের পক্ষ থেকে বলা হয়েছে যে আগামী মাসের মধ্যে প্রয়োজনীয় ব্যবস্থা নেওয়া হবে। স্থানীয় জনগণ এই উদ্যোগকে স্বাগত জানিয়েছেন এবং দ্রুত বাস্তবায়নের দাবি করেছেন। বিশেষজ্ঞরা বলছেন, এই পদক্ষেপ দেশের অর্থনীতি ও সমাজে ইতিবাচক পরিবর্তন আনবে। তবে কিছু বিষয়ে এখনো আলোচনা চলছে এবং চূড়ান্ত সিদ্ধান্ত শিগগিরই জানানো হবে।

লেখা নিউজ প্রতিবেদক জানিয়েছেন যে বিষয়টি নিয়ে সংশ্লিষ্ট কর্মকর্তারা বৈঠক করেছেন। দেশের বিভিন্ন অঞ্চলে এই সিদ্ধান্তের প্রভাব পড়বে বলে মনে করা হচ্ছে। এ বিষয়ে সরকারের পক্ষ থেকে বলা হয়েছে যে আগামী মাসের মধ্যে প্রয়োজনীয় ব্যবস্থা নেওয়া হবে। স্থানীয় জনগণ এই উদ্যোগকে স্বাগত জানিয়েছেন এবং দ্রুত বাস্তবায়নের দাবি করেছেন। বিশেষজ্ঞরা বলছেন, এই পদক্ষেপ দেশের অর্থনীতি ও সমাজে ইতিবাচক পরিবর্তন আনবে। তবে কিছু বিষয়ে এখনো আলোচনা চলছে এবং চূড়ান্ত সিদ্ধান্ত শিগগিরই জানানো হবে।

Government of the People's Republic of Bangladesh
Agriculture Information Service (AIS)
Khamarbari, Farmgate, Dhaka-1215
Memo No: 12.05.0000.014.36.001.25-1405	Date: 20 April 2025
e-Tender Notice
e-Tender is invited in the National e-GP System Portal (http://www.eprocure.gov.bd) for the procurement of goods as follows:
Sl. No	eGP Tender ID	Description of Procurement Package	Publication (Date & Time)	Last Selling of Tender Document (Date & Time)	Tender Closing (Date & Time)	Tender Opening (Date & Time)
1.	1108676	AIS-2024-25/ Supply of printing materials for press	21.04.2025 10.00	12.05.2025 11.00	12.05.2025 12.00	12.05.2025 12.00
1. This is an online Tender, where only e-Tender will be accepted in the National e-GP system Portal and no offline/hard copies will be accepted.
2. To submit e-Tender, registration in the National e-GP System Portal (http://www.eprocure.gov.bd) is required.
3. The fees for downloading the e-Tender Documents from the National e-GP System Portal, have to be deposited online through any registered Bank's Branches up to the date & time mentioned in the above table.
4. Further information and guidelines are available in the National e-GP System Portal and from e-GP help desk as well (e-mail:helpdesk@eprocure.gov.bd).
5. The Tender Notice will be available on the website: www.ais.gov.bd
6. Authority reserves the right to cancel any for all works without any explanation.
(B M Rashedul Alam)
Chief Information Officer
Agriculture Information Service
Khamarbari, Farmgate, Dhaka-1215
জিডি-১২৪৭(৫/২৫)
জেলা পরিষদ কার্যালয়
ঝিনাইদহ।
www.zphenaidah.gov.bd
স্মারক নং-জেপজ/বিপ্র/৩০৮/২৫-৪০/৩৪৬	তারিখ: ০৮ বৈশাখ ১৪৩২ বঙ্গাব্দ
২১ এপ্রিল ২০২৫খ্রি.
দরপত্র বিজ্ঞপ্তি নং-০১/২০২৪-২০২৫ ও ০১/২০২৪-২০২৫
ঝিনাইদহ জেলা পরিষদের ২০২৪-২০২৫ অর্থবছরের রাজস্ব তহবিলের আওতায় কাজের জন্য ই-জিপি পদ্ধতিতে উন্মুক্ত দরপত্র আহ্বান করা যাচ্ছে। দরপত্রে অংশগ্রহণের জন্য জাতীয় ই-জিপি পোর্টাল (http://www.eprocure.gov.bd) এ নিবন্ধিত হতে হবে।
দরপত্র তারিখ ও বিবরণ
১	ই-জিপি সিস্টেমে দরপত্র পাবলিশ তারিখ	০৪-০৫-২০২৫খ্রি.
২	দরপত্র বিক্রির শেষ তারিখ	১৮-০৫-২০২৫খ্রি.
৩	ই-জিপি সিস্টেমে দরপত্র দাখিলের সর্বশেষ তারিখ ও সময়	১৯-০৫-২০২৫খ্রি.
৪	ই-জিপি সিস্টেমে দরপত্র খোলার তারিখ ও সময়	১৯-০৫-২০২৫খ্রি.
৫	দরপত্র প্রক্রিয়ার ধরণ	উন্মুক্ত দরপত্র পদ্ধতি (LTM)
দরপত্রের শর্তাবলী :
1. এই দরপত্র জেলা পরিষদের ওয়েবসাইট এবং জাতীয় ই-জিপি পোর্টালে প্রকাশ করা হয়েছে।
2. কাজের বিস্তারিত বিবরণ, শর্তাবলী ও অন্যান্য তথ্য ই-জিপি পোর্টালে পাওয়া যাবে।
3. দরপত্র দলিল ডাউনলোডের ফি অনলাইনে নিবন্ধিত ব্যাংকের মাধ্যমে জমা দিতে হবে।
4. কোনো কারণ দর্শানো ব্যতিরেকে কর্তৃপক্ষ যে কোনো দরপত্র বাতিলের ক্ষমতা সংরক্ষণ করেন।
helpdesk@eprocure.gov.bd
(মো. জাহিদুল ইসলাম)
প্রধান নির্বাহী কর্মকর্তা (উপসচিব)
জেলা পরিষদ, ঝিনাইদহ।
জি-৫০২৫(৫/২৫)
